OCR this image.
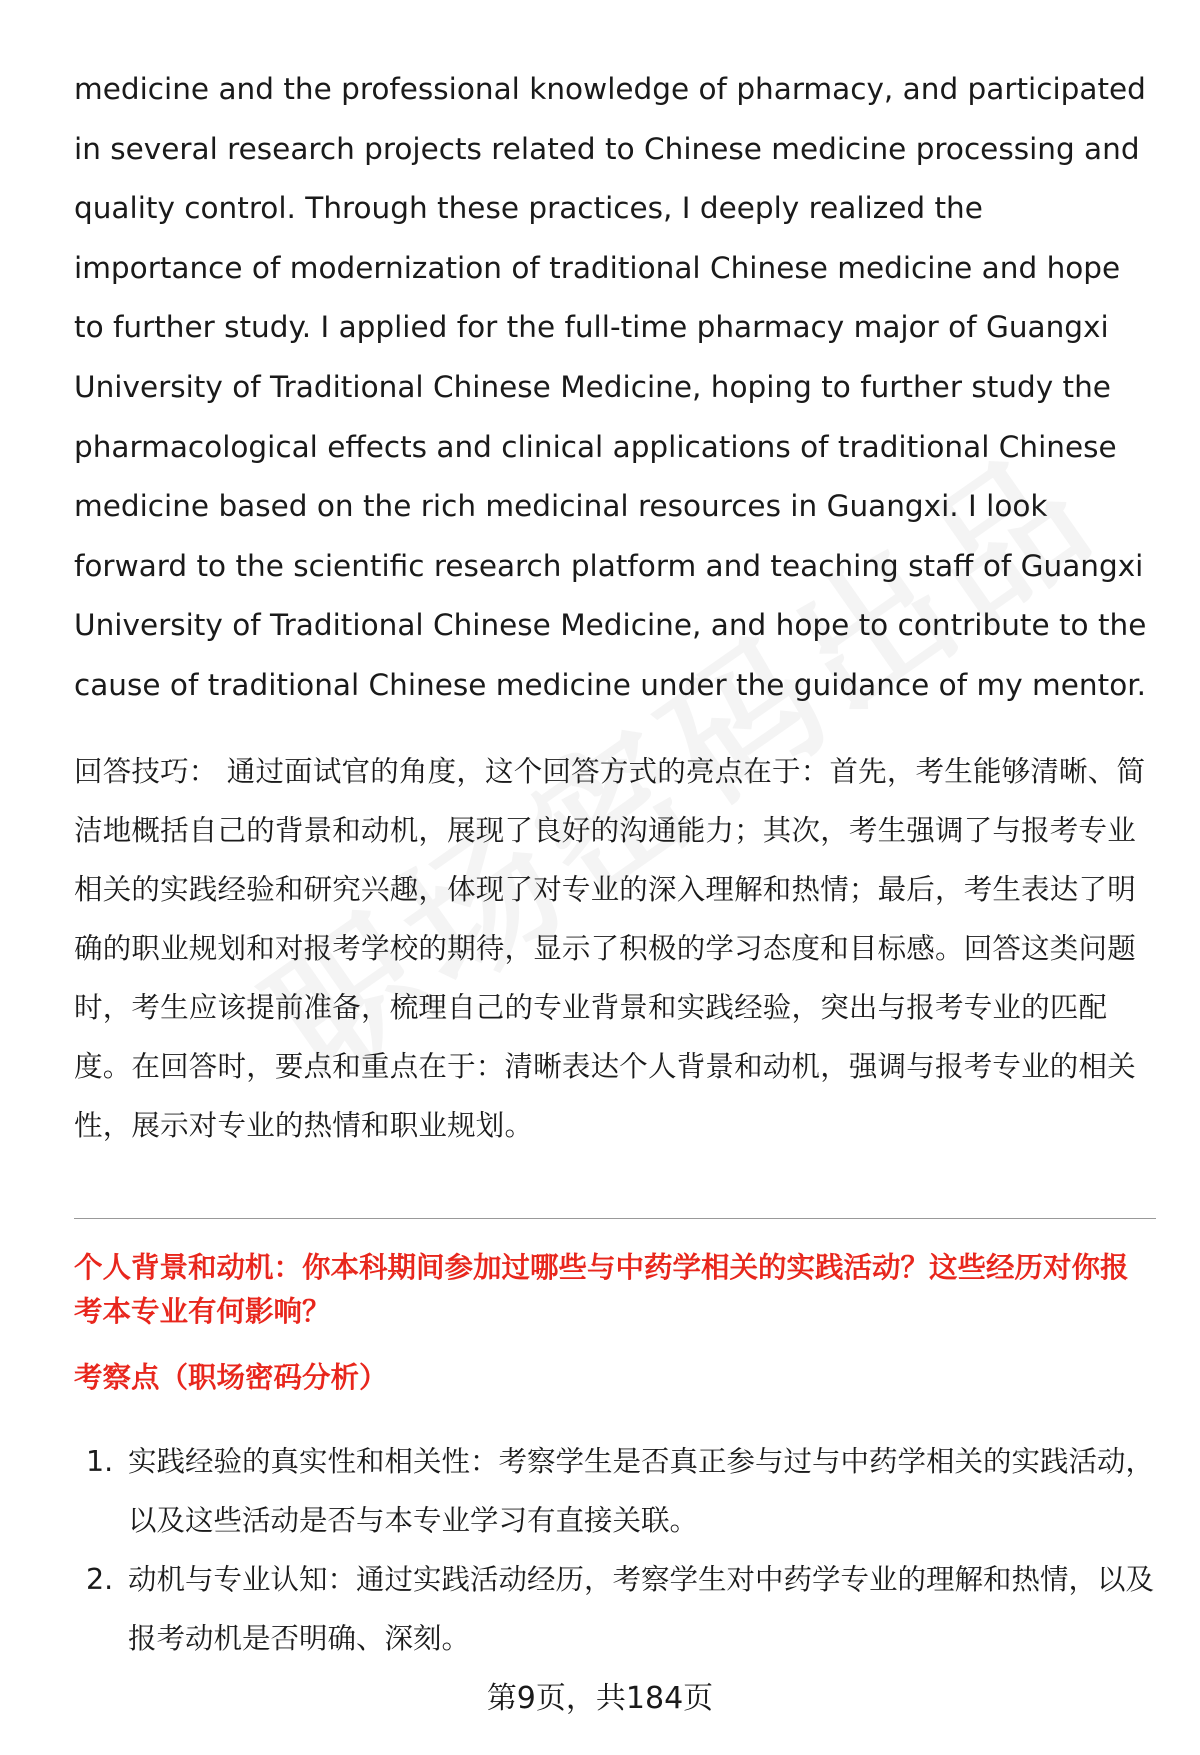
medicine and the professional knowledge of pharmacy, and participated in several research projects related to Chinese medicine processing and quality control. Through these practices, I deeply realized the importance of modernization of traditional Chinese medicine and hope to further study. I applied for the full-time pharmacy major of Guangxi University of Traditional Chinese Medicine, hoping to further study the pharmacological effects and clinical applications of traditional Chinese medicine based on the rich medicinal resources in Guangxi. I look forward to the scientific research platform and teaching staff of Guangxi University of Traditional Chinese Medicine, and hope to contribute to the cause of traditional Chinese medicine under the guidance of my mentor.

回答技巧： 通过面试官的角度，这个回答方式的亮点在于：首先，考生能够清晰、简洁地概括自己的背景和动机，展现了良好的沟通能力；其次，考生强调了与报考专业相关的实践经验和研究兴趣，体现了对专业的深入理解和热情；最后，考生表达了明确的职业规划和对报考学校的期待，显示了积极的学习态度和目标感。回答这类问题时，考生应该提前准备，梳理自己的专业背景和实践经验，突出与报考专业的匹配度。在回答时，要点和重点在于：清晰表达个人背景和动机，强调与报考专业的相关性，展示对专业的热情和职业规划。

个人背景和动机：你本科期间参加过哪些与中药学相关的实践活动？这些经历对你报考本专业有何影响？

考察点（职场密码分析）

1. 实践经验的真实性和相关性：考察学生是否真正参与过与中药学相关的实践活动，以及这些活动是否与本专业学习有直接关联。
2. 动机与专业认知：通过实践活动经历，考察学生对中药学专业的理解和热情，以及报考动机是否明确、深刻。
第9页，共184页
